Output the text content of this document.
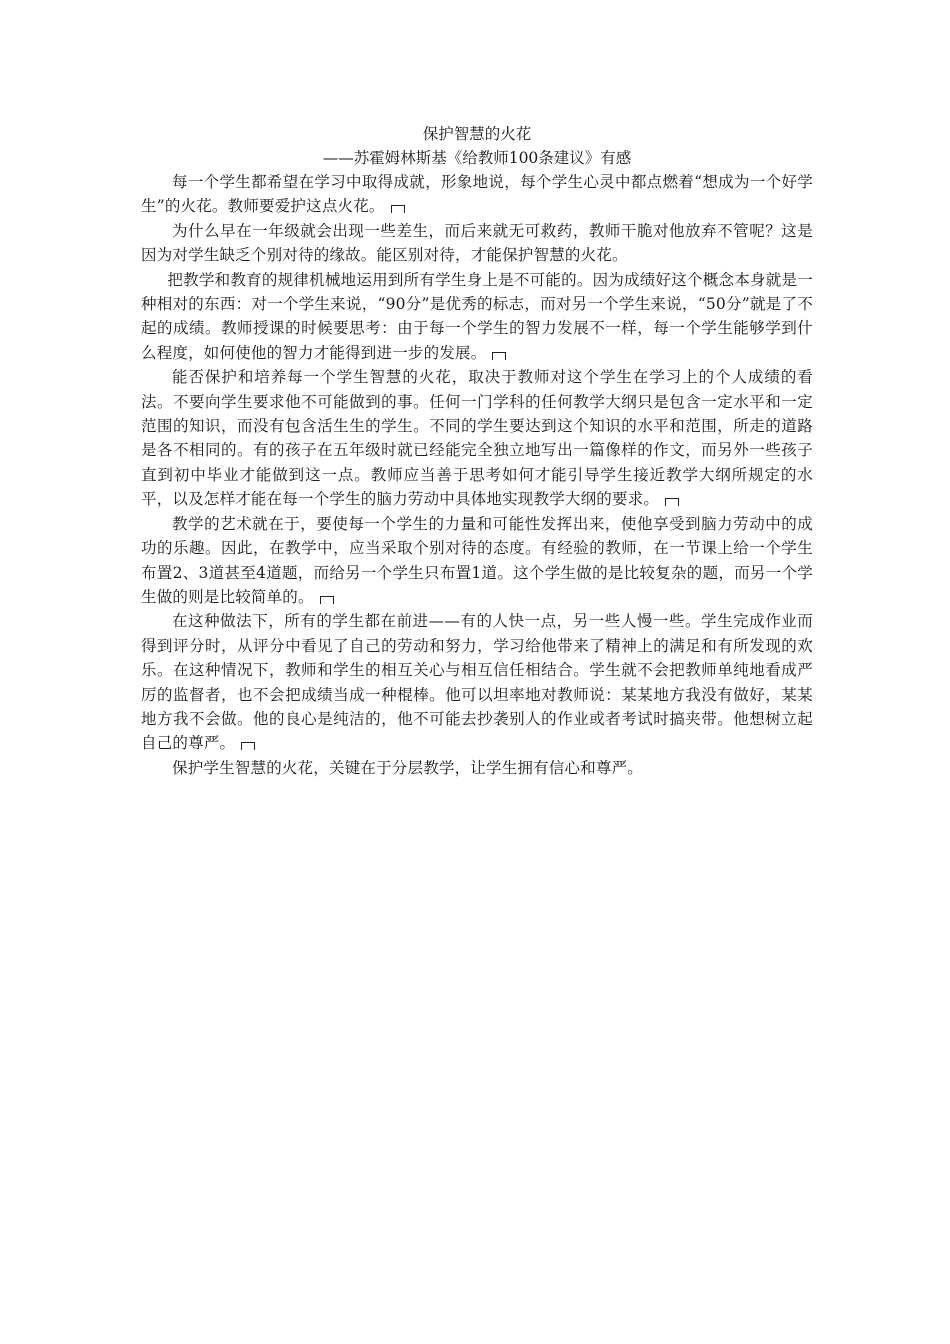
保护智慧的火花
——苏霍姆林斯基《给教师100条建议》有感

每一个学生都希望在学习中取得成就，形象地说，每个学生心灵中都点燃着“想成为一个好学生”的火花。教师要爱护这点火花。

为什么早在一年级就会出现一些差生，而后来就无可救药，教师干脆对他放弃不管呢？这是因为对学生缺乏个别对待的缘故。能区别对待，才能保护智慧的火花。

把教学和教育的规律机械地运用到所有学生身上是不可能的。因为成绩好这个概念本身就是一种相对的东西：对一个学生来说，“90分”是优秀的标志，而对另一个学生来说，“50分”就是了不起的成绩。教师授课的时候要思考：由于每一个学生的智力发展不一样，每一个学生能够学到什么程度，如何使他的智力才能得到进一步的发展。

能否保护和培养每一个学生智慧的火花，取决于教师对这个学生在学习上的个人成绩的看法。不要向学生要求他不可能做到的事。任何一门学科的任何教学大纲只是包含一定水平和一定范围的知识，而没有包含活生生的学生。不同的学生要达到这个知识的水平和范围，所走的道路是各不相同的。有的孩子在五年级时就已经能完全独立地写出一篇像样的作文，而另外一些孩子直到初中毕业才能做到这一点。教师应当善于思考如何才能引导学生接近教学大纲所规定的水平，以及怎样才能在每一个学生的脑力劳动中具体地实现教学大纲的要求。

教学的艺术就在于，要使每一个学生的力量和可能性发挥出来，使他享受到脑力劳动中的成功的乐趣。因此，在教学中，应当采取个别对待的态度。有经验的教师，在一节课上给一个学生布置2、3道甚至4道题，而给另一个学生只布置1道。这个学生做的是比较复杂的题，而另一个学生做的则是比较简单的。

在这种做法下，所有的学生都在前进——有的人快一点，另一些人慢一些。学生完成作业而得到评分时，从评分中看见了自己的劳动和努力，学习给他带来了精神上的满足和有所发现的欢乐。在这种情况下，教师和学生的相互关心与相互信任相结合。学生就不会把教师单纯地看成严厉的监督者，也不会把成绩当成一种棍棒。他可以坦率地对教师说：某某地方我没有做好，某某地方我不会做。他的良心是纯洁的，他不可能去抄袭别人的作业或者考试时搞夹带。他想树立起自己的尊严。

保护学生智慧的火花，关键在于分层教学，让学生拥有信心和尊严。
